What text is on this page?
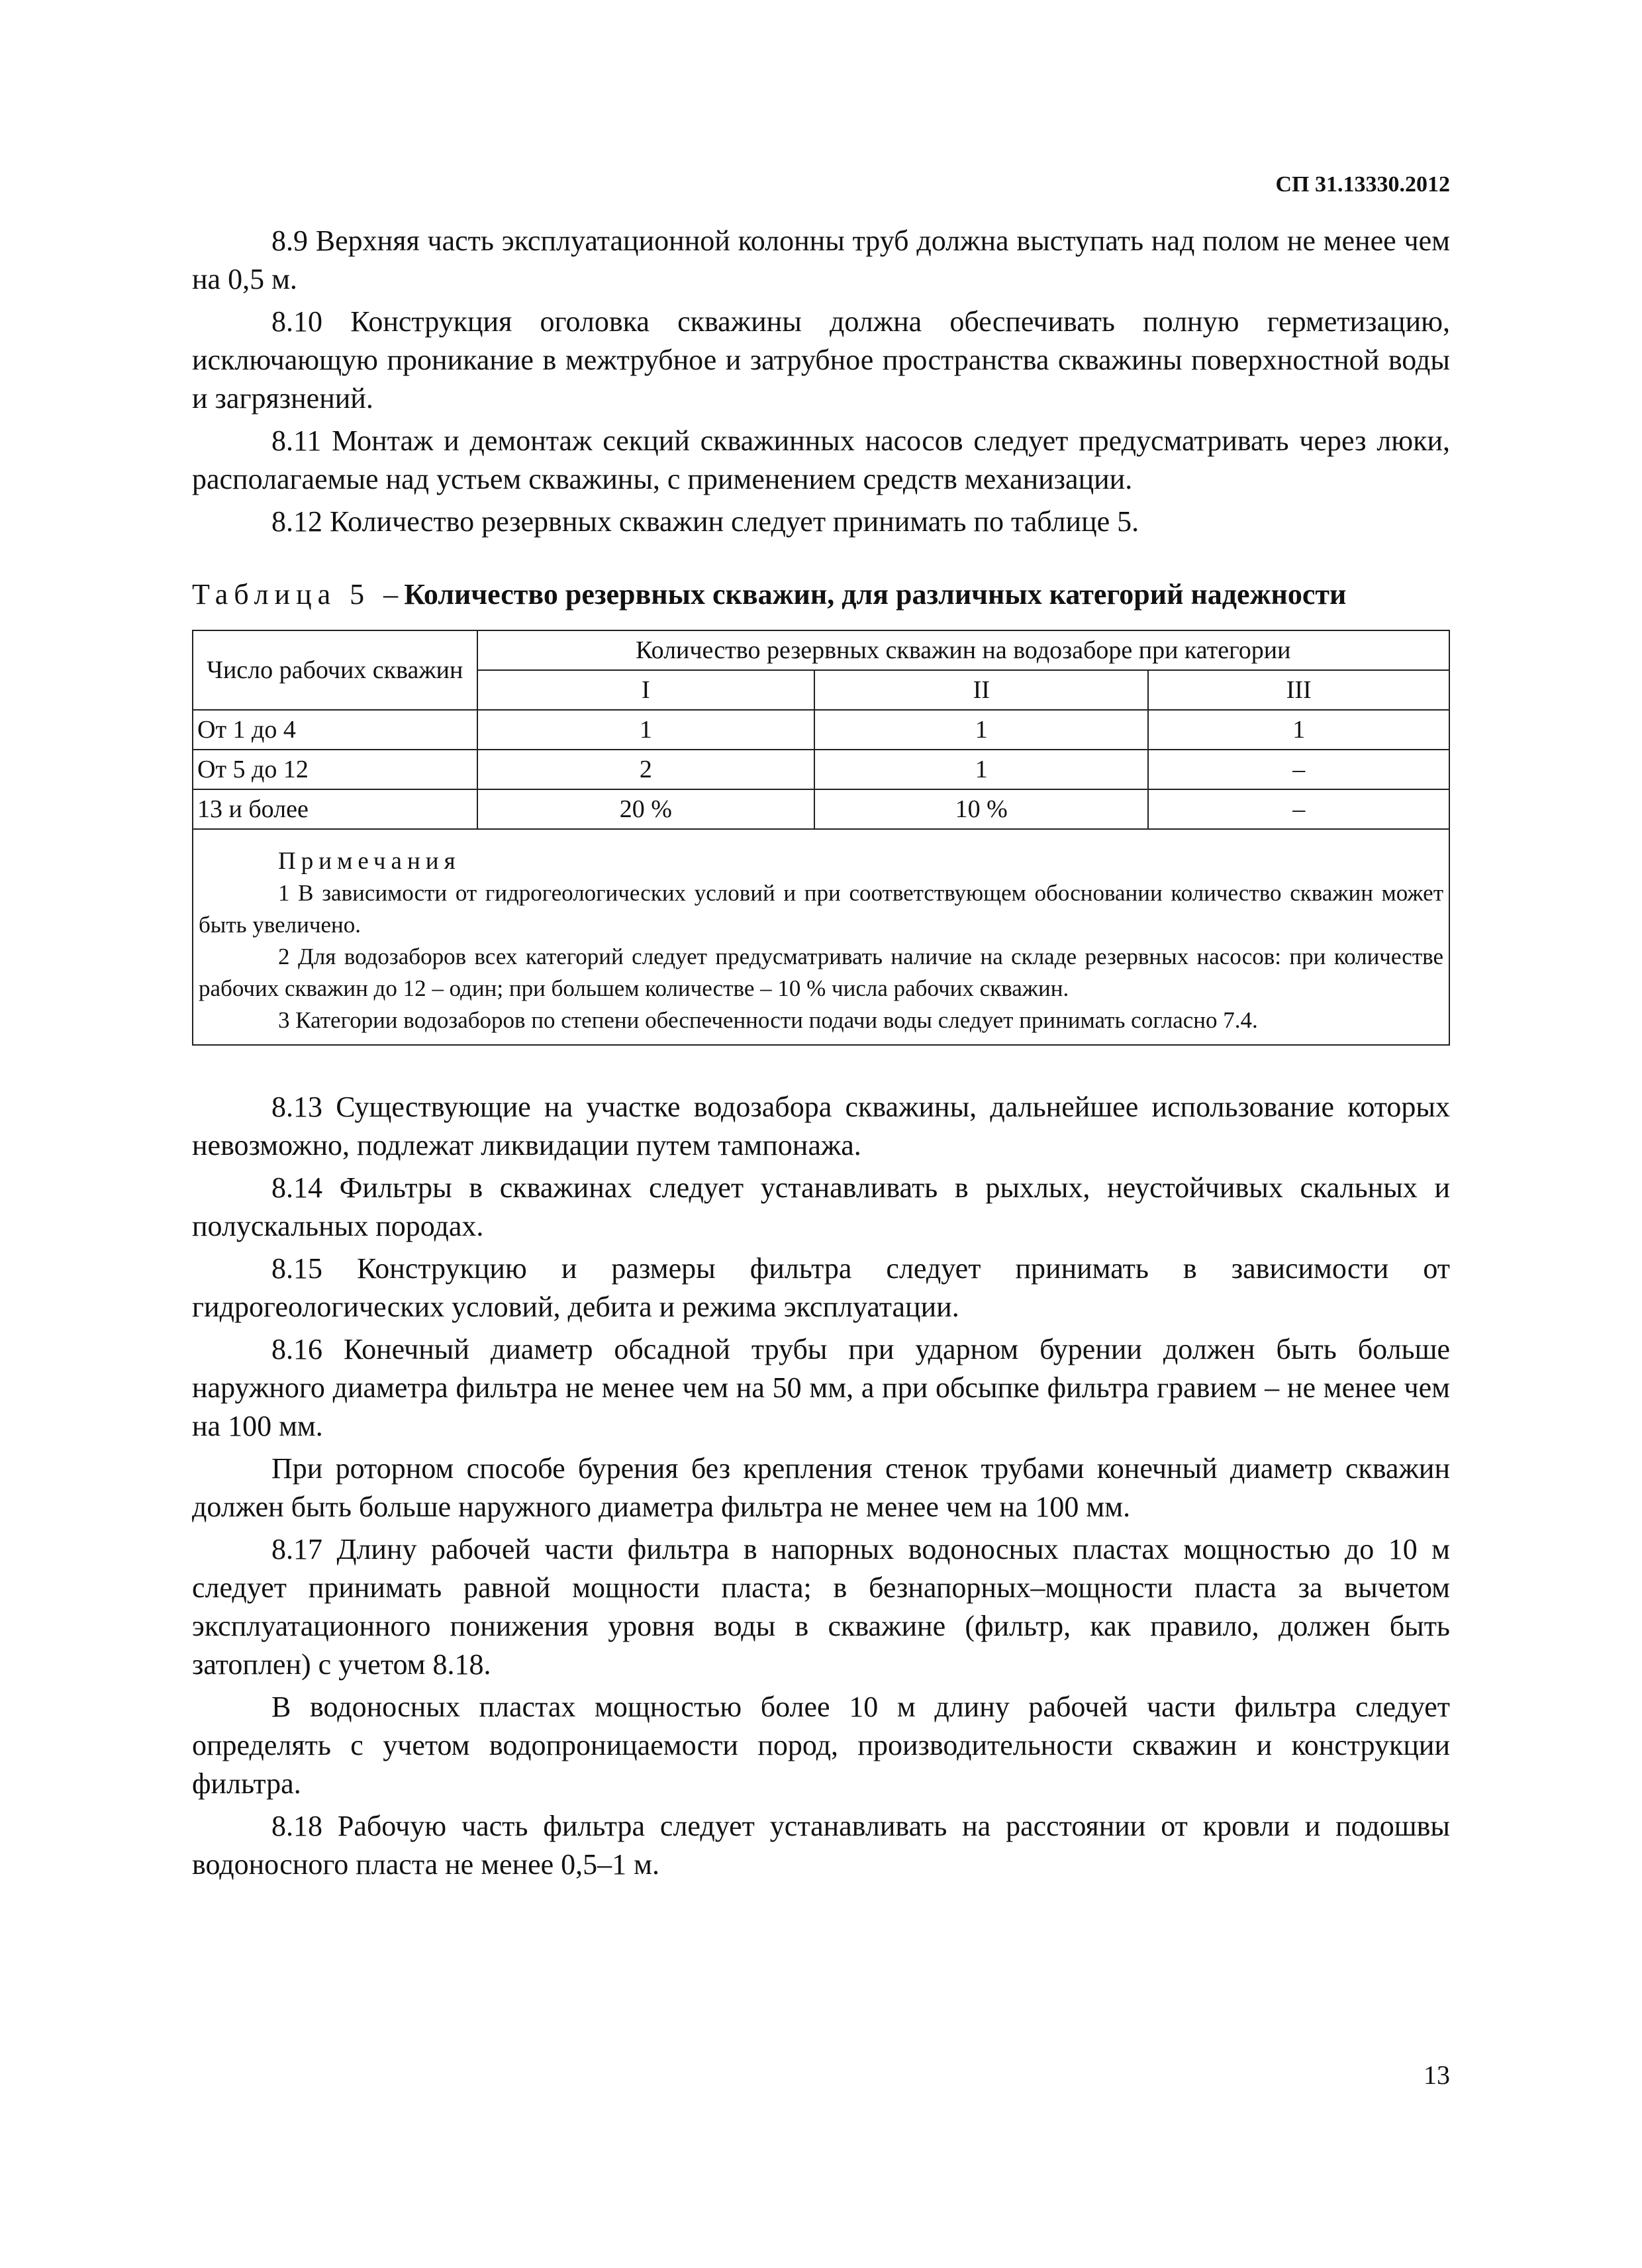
СП 31.13330.2012

8.9 Верхняя часть эксплуатационной колонны труб должна выступать над полом не менее чем на 0,5 м.

8.10 Конструкция оголовка скважины должна обеспечивать полную герметизацию, исключающую проникание в межтрубное и затрубное пространства скважины поверхностной воды и загрязнений.

8.11 Монтаж и демонтаж секций скважинных насосов следует предусматривать через люки, располагаемые над устьем скважины, с применением средств механизации.

8.12 Количество резервных скважин следует принимать по таблице 5.

Таблица 5 – Количество резервных скважин, для различных категорий надежности
Число рабочих скважин	Количество резервных скважин на водозаборе при категории		
	I	II	III
От 1 до 4	1	1	1
От 5 до 12	2	1	–
13 и более	20 %	10 %	–

Примечания

1 В зависимости от гидрогеологических условий и при соответствующем обосновании количество скважин может быть увеличено.

2 Для водозаборов всех категорий следует предусматривать наличие на складе резервных насосов: при количестве рабочих скважин до 12 – один; при большем количестве – 10 % числа рабочих скважин.

3 Категории водозаборов по степени обеспеченности подачи воды следует принимать согласно 7.4.			

8.13 Существующие на участке водозабора скважины, дальнейшее использование которых невозможно, подлежат ликвидации путем тампонажа.

8.14 Фильтры в скважинах следует устанавливать в рыхлых, неустойчивых скальных и полускальных породах.

8.15 Конструкцию и размеры фильтра следует принимать в зависимости от гидрогеологических условий, дебита и режима эксплуатации.

8.16 Конечный диаметр обсадной трубы при ударном бурении должен быть больше наружного диаметра фильтра не менее чем на 50 мм, а при обсыпке фильтра гравием – не менее чем на 100 мм.

При роторном способе бурения без крепления стенок трубами конечный диаметр скважин должен быть больше наружного диаметра фильтра не менее чем на 100 мм.

8.17 Длину рабочей части фильтра в напорных водоносных пластах мощностью до 10 м следует принимать равной мощности пласта; в безнапорных–мощности пласта за вычетом эксплуатационного понижения уровня воды в скважине (фильтр, как правило, должен быть затоплен) с учетом 8.18.

В водоносных пластах мощностью более 10 м длину рабочей части фильтра следует определять с учетом водопроницаемости пород, производительности скважин и конструкции фильтра.

8.18 Рабочую часть фильтра следует устанавливать на расстоянии от кровли и подошвы водоносного пласта не менее 0,5–1 м.

13
